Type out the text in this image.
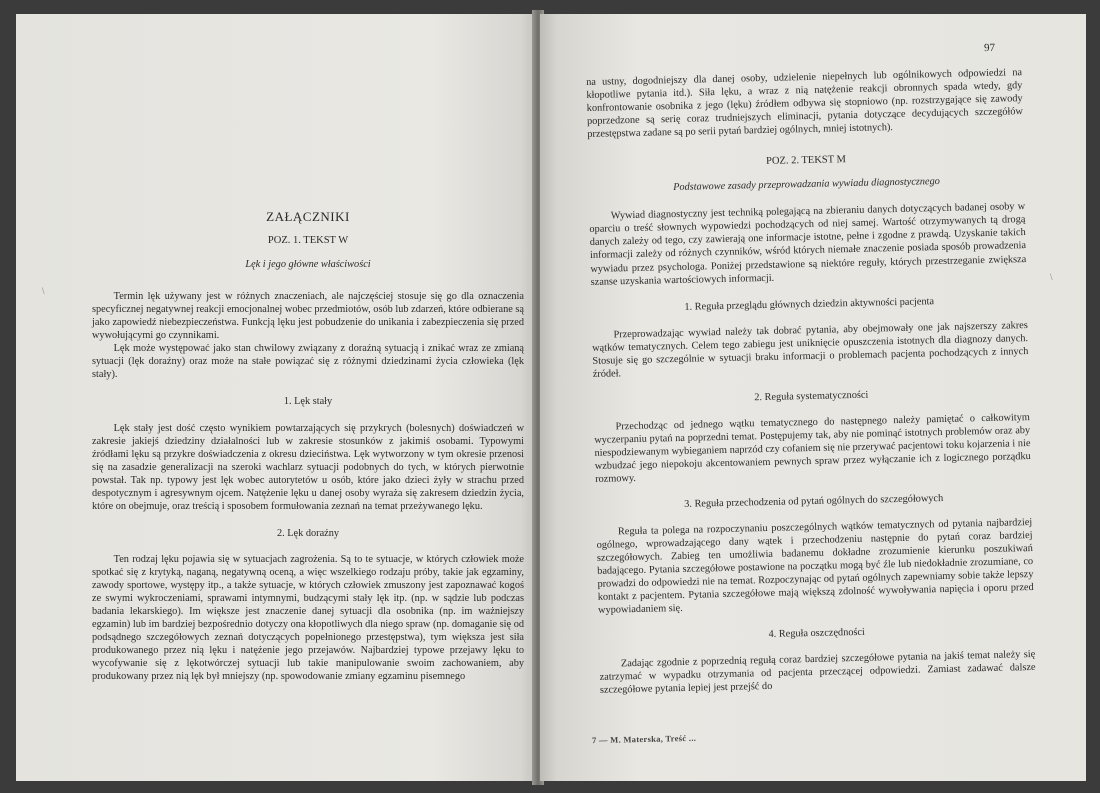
ZAŁĄCZNIKI
POZ. 1. TEKST W
Lęk i jego główne właściwości

Termin lęk używany jest w różnych znaczeniach, ale najczęściej stosuje się go dla oznaczenia specyficznej negatywnej reakcji emocjonalnej wobec przedmiotów, osób lub zdarzeń, które odbierane są jako zapowiedź niebezpieczeństwa. Funkcją lęku jest pobudzenie do unikania i zabezpieczenia się przed wywołującymi go czynnikami.

Lęk może występować jako stan chwilowy związany z doraźną sytuacją i znikać wraz ze zmianą sytuacji (lęk doraźny) oraz może na stałe powiązać się z różnymi dziedzinami życia człowieka (lęk stały).

1. Lęk stały

Lęk stały jest dość często wynikiem powtarzających się przykrych (bolesnych) doświadczeń w zakresie jakiejś dziedziny działalności lub w zakresie stosunków z jakimiś osobami. Typowymi źródłami lęku są przykre doświadczenia z okresu dzieciństwa. Lęk wytworzony w tym okresie przenosi się na zasadzie generalizacji na szeroki wachlarz sytuacji podobnych do tych, w których pierwotnie powstał. Tak np. typowy jest lęk wobec autorytetów u osób, które jako dzieci żyły w strachu przed despotycznym i agresywnym ojcem. Natężenie lęku u danej osoby wyraża się zakresem dziedzin życia, które on obejmuje, oraz treścią i sposobem formułowania zeznań na temat przeżywanego lęku.

2. Lęk doraźny

Ten rodzaj lęku pojawia się w sytuacjach zagrożenia. Są to te sytuacje, w których człowiek może spotkać się z krytyką, naganą, negatywną oceną, a więc wszelkiego rodzaju próby, takie jak egzaminy, zawody sportowe, występy itp., a także sytuacje, w których człowiek zmuszony jest zapoznawać kogoś ze swymi wykroczeniami, sprawami intymnymi, budzącymi stały lęk itp. (np. w sądzie lub podczas badania lekarskiego). Im większe jest znaczenie danej sytuacji dla osobnika (np. im ważniejszy egzamin) lub im bardziej bezpośrednio dotyczy ona kłopotliwych dla niego spraw (np. domaganie się od podsądnego szczegółowych zeznań dotyczących popełnionego przestępstwa), tym większa jest siła produkowanego przez nią lęku i natężenie jego przejawów. Najbardziej typowe przejawy lęku to wycofywanie się z lękotwórczej sytuacji lub takie manipulowanie swoim zachowaniem, aby produkowany przez nią lęk był mniejszy (np. spowodowanie zmiany egzaminu pisemnego

\
97

na ustny, dogodniejszy dla danej osoby, udzielenie niepełnych lub ogólnikowych odpowiedzi na kłopotliwe pytania itd.). Siła lęku, a wraz z nią natężenie reakcji obronnych spada wtedy, gdy konfrontowanie osobnika z jego (lęku) źródłem odbywa się stopniowo (np. rozstrzygające się zawody poprzedzone są serię coraz trudniejszych eliminacji, pytania dotyczące decydujących szczegółów przestępstwa zadane są po serii pytań bardziej ogólnych, mniej istotnych).

POZ. 2. TEKST M
Podstawowe zasady przeprowadzania wywiadu diagnostycznego

Wywiad diagnostyczny jest techniką polegającą na zbieraniu danych dotyczących badanej osoby w oparciu o treść słownych wypowiedzi pochodzących od niej samej. Wartość otrzymywanych tą drogą danych zależy od tego, czy zawierają one informacje istotne, pełne i zgodne z prawdą. Uzyskanie takich informacji zależy od różnych czynników, wśród których niemałe znaczenie posiada sposób prowadzenia wywiadu przez psychologa. Poniżej przedstawione są niektóre reguły, których przestrzeganie zwiększa szanse uzyskania wartościowych informacji.

1. Reguła przeglądu głównych dziedzin aktywności pacjenta

Przeprowadzając wywiad należy tak dobrać pytania, aby obejmowały one jak najszerszy zakres wątków tematycznych. Celem tego zabiegu jest uniknięcie opuszczenia istotnych dla diagnozy danych. Stosuje się go szczególnie w sytuacji braku informacji o problemach pacjenta pochodzących z innych źródeł.

2. Reguła systematyczności

Przechodząc od jednego wątku tematycznego do następnego należy pamiętać o całkowitym wyczerpaniu pytań na poprzedni temat. Postępujemy tak, aby nie pominąć istotnych problemów oraz aby niespodziewanym wybieganiem naprzód czy cofaniem się nie przerywać pacjentowi toku kojarzenia i nie wzbudzać jego niepokoju akcentowaniem pewnych spraw przez wyłączanie ich z logicznego porządku rozmowy.

3. Reguła przechodzenia od pytań ogólnych do szczegółowych

Reguła ta polega na rozpoczynaniu poszczególnych wątków tematycznych od pytania najbardziej ogólnego, wprowadzającego dany wątek i przechodzeniu następnie do pytań coraz bardziej szczegółowych. Zabieg ten umożliwia badanemu dokładne zrozumienie kierunku poszukiwań badającego. Pytania szczegółowe postawione na początku mogą być źle lub niedokładnie zrozumiane, co prowadzi do odpowiedzi nie na temat. Rozpoczynając od pytań ogólnych zapewniamy sobie także lepszy kontakt z pacjentem. Pytania szczegółowe mają większą zdolność wywoływania napięcia i oporu przed wypowiadaniem się.

4. Reguła oszczędności

Zadając zgodnie z poprzednią regułą coraz bardziej szczegółowe pytania na jakiś temat należy się zatrzymać w wypadku otrzymania od pacjenta przeczącej odpowiedzi. Zamiast zadawać dalsze szczegółowe pytania lepiej jest przejść do

7 — M. Materska, Treść ...
\
